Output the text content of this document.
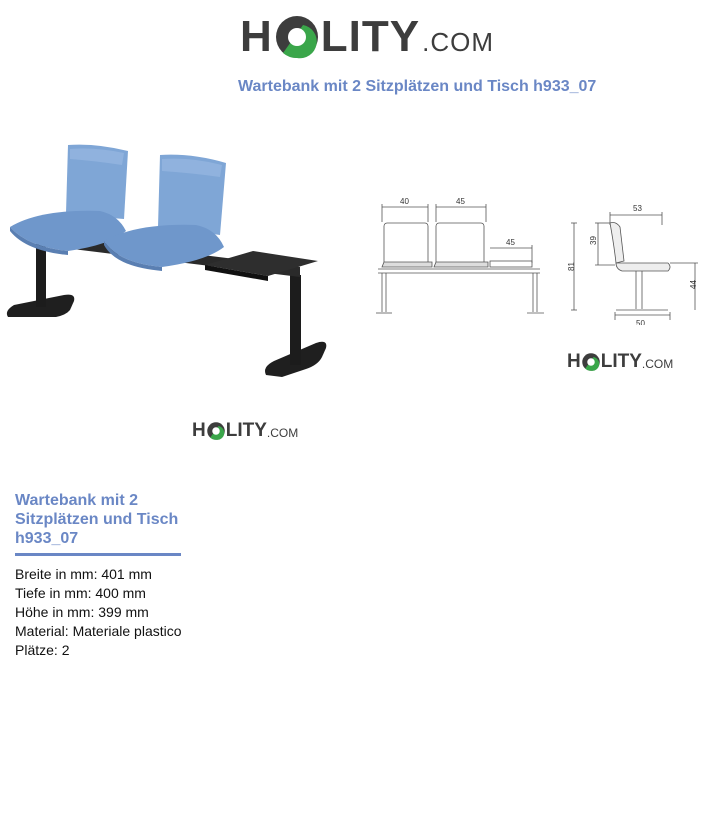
H LITY .COM
Wartebank mit 2 Sitzplätzen und Tisch h933_07
H LITY .COM
40	45
45
53
81
39
44
50
H LITY .COM
Wartebank mit 2 Sitzplätzen und Tisch h933_07
Breite in mm: 401 mm
Tiefe in mm: 400 mm
Höhe in mm: 399 mm
Material: Materiale plastico
Plätze: 2
